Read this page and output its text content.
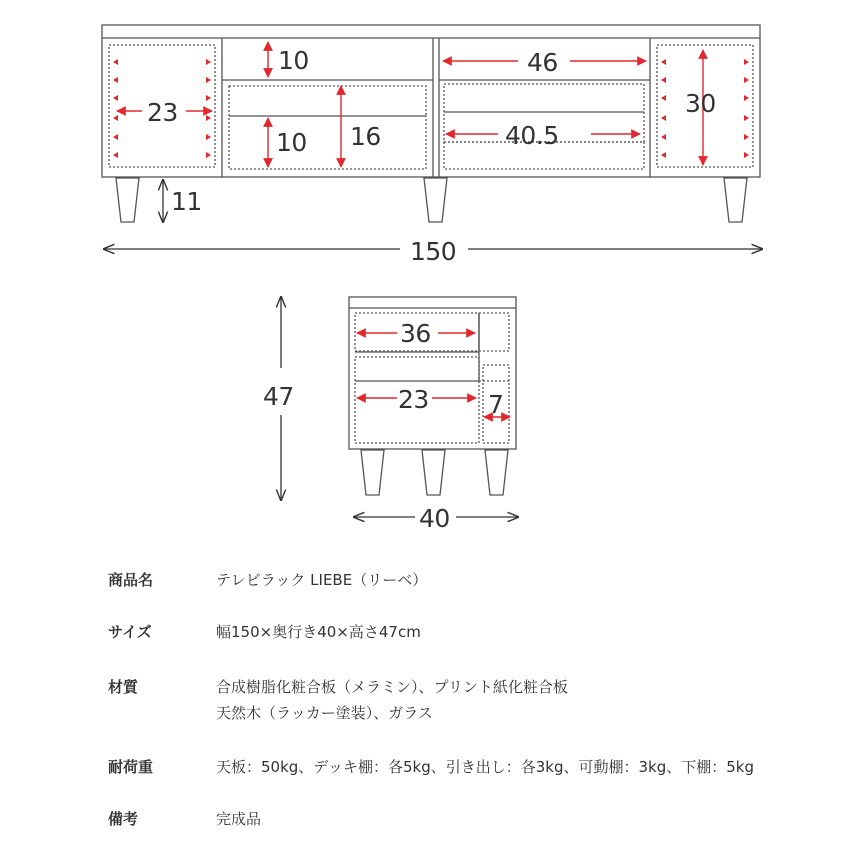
23
10
10 16
46
40.5
30
11
150
36
23 7
47
40
商品名	テレビラック LIEBE（リーベ）
サイズ	幅150×奥行き40×高さ47cm
材質	合成樹脂化粧合板（メラミン）、プリント紙化粧合板
天然木（ラッカー塗装）、ガラス
耐荷重	天板：50kg、デッキ棚：各5kg、引き出し：各3kg、可動棚：3kg、下棚：5kg
備考	完成品
